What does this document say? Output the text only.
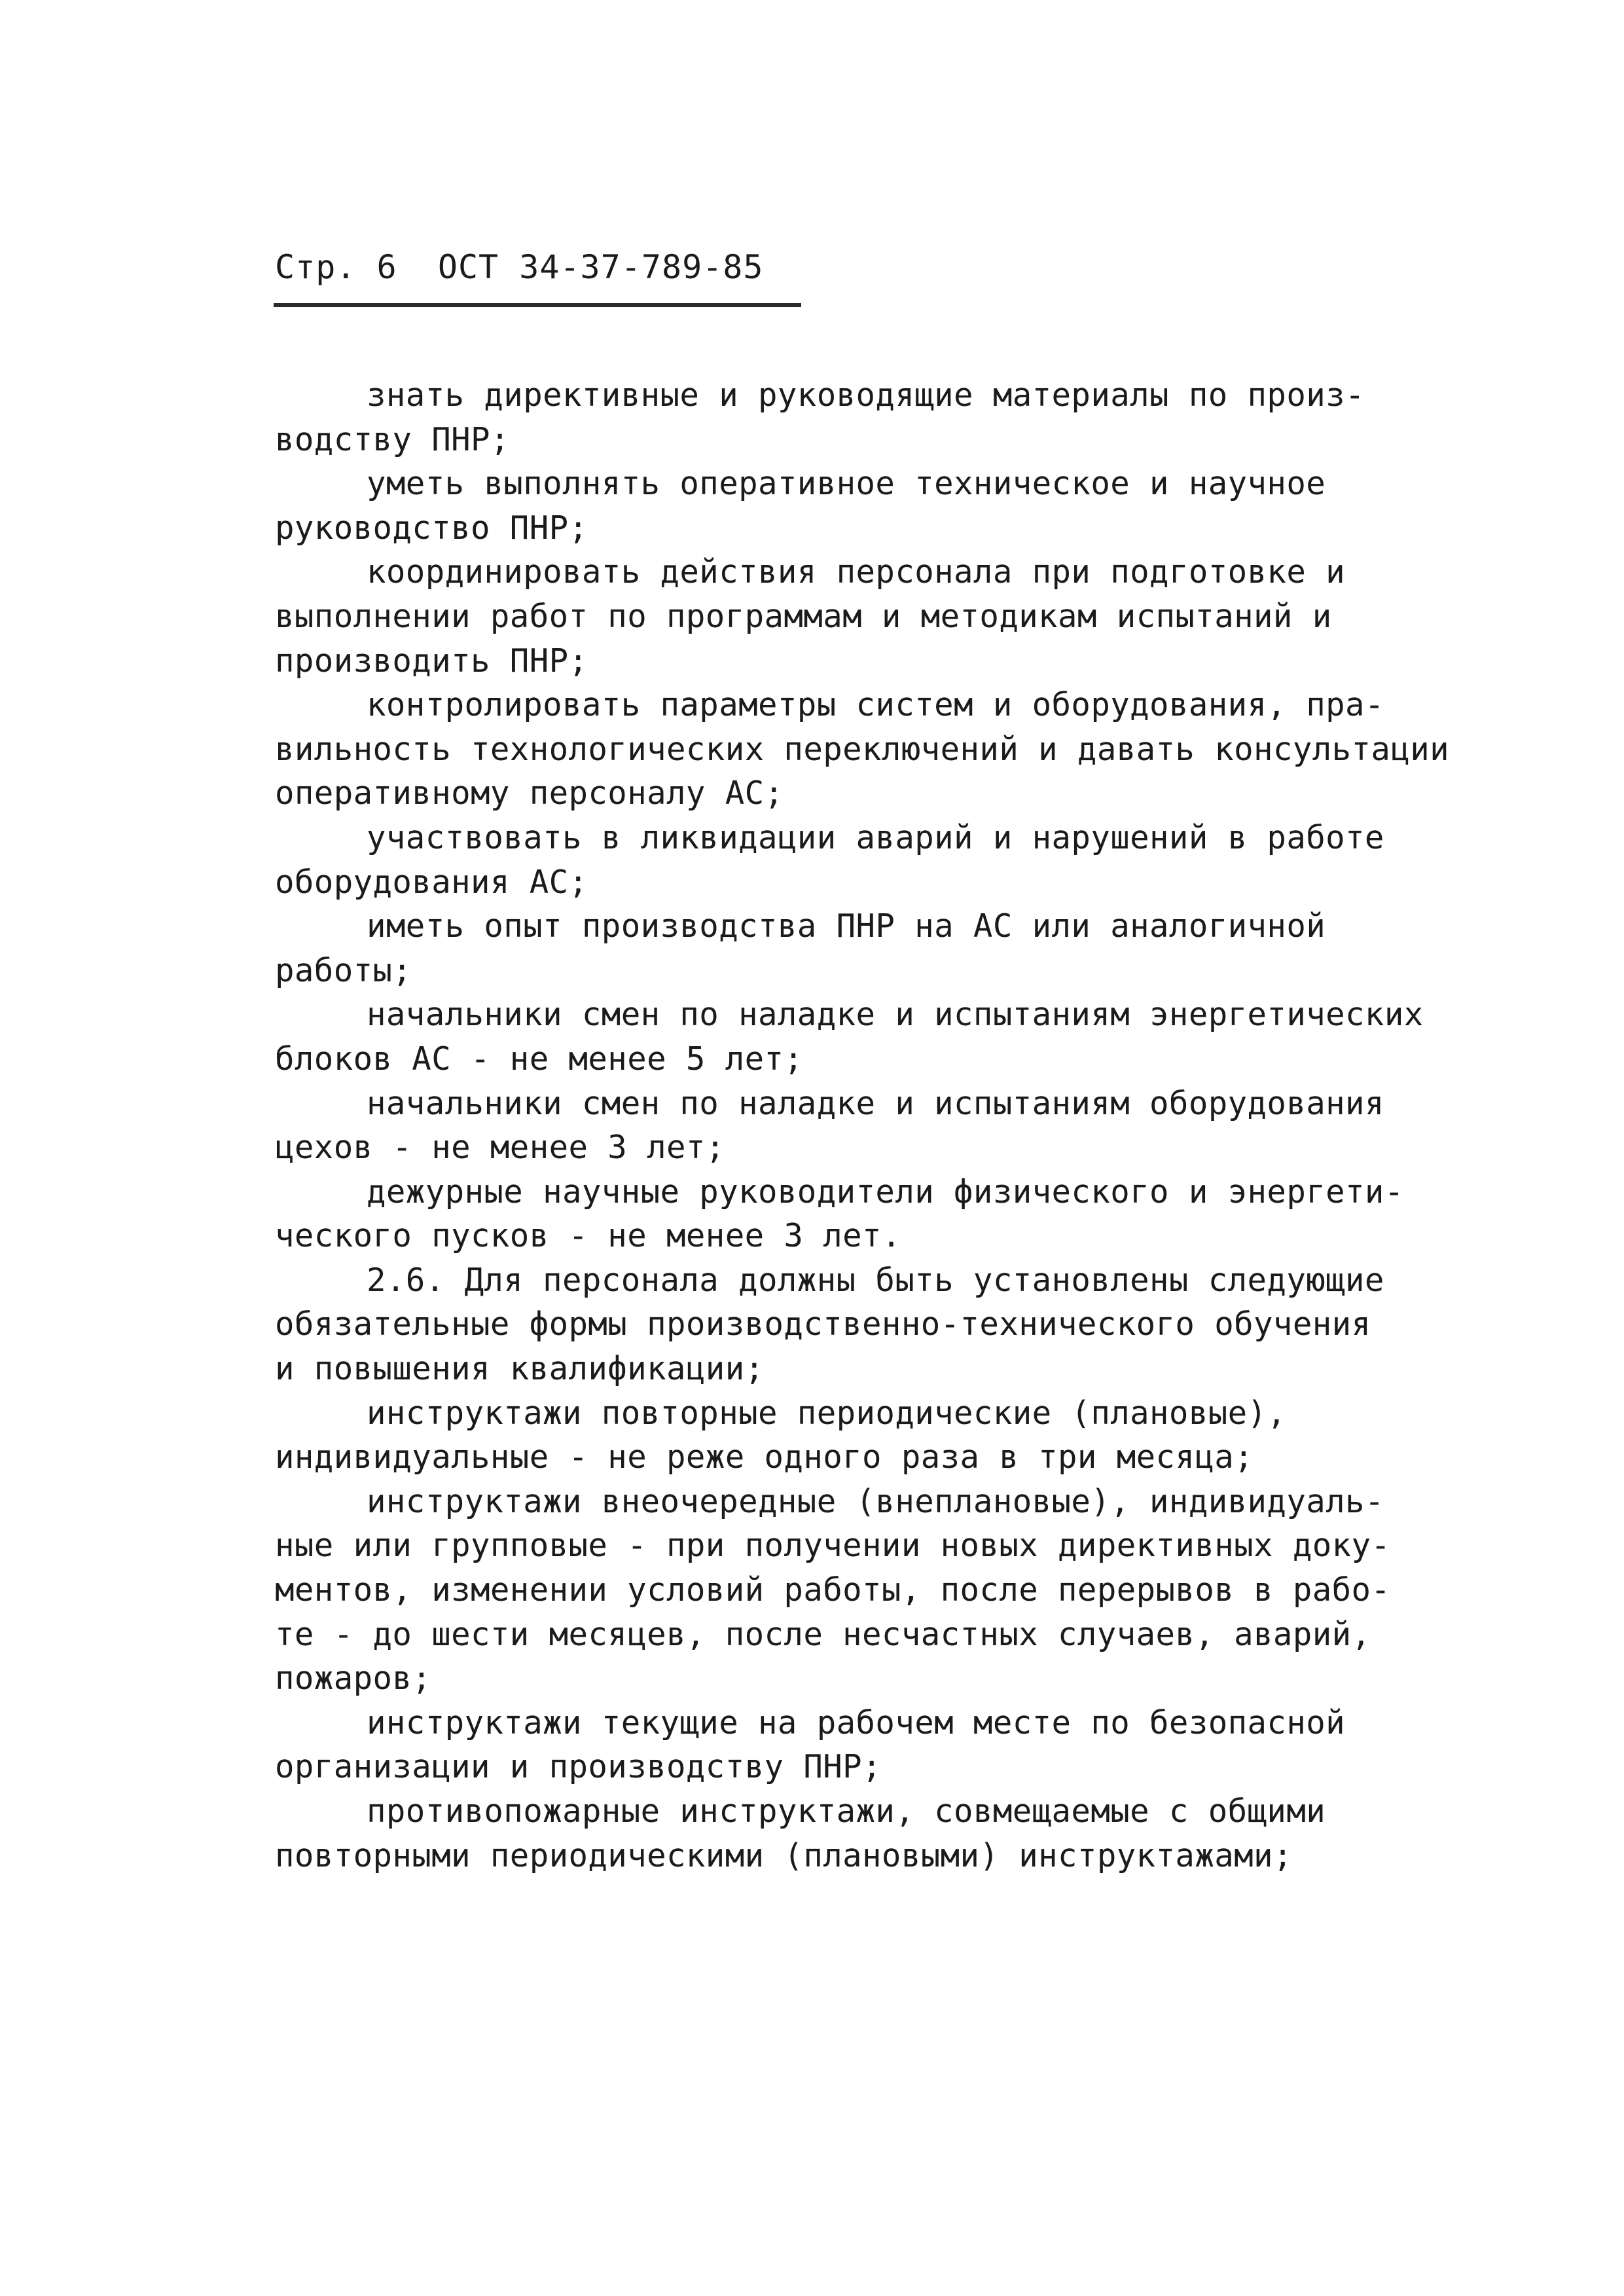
Стр. 6 ОСТ 34-37-789-85
знать директивные и руководящие материалы по произ-
водству ПНР;
уметь выполнять оперативное техническое и научное
руководство ПНР;
координировать действия персонала при подготовке и
выполнении работ по программам и методикам испытаний и
производить ПНР;
контролировать параметры систем и оборудования, пра-
вильность технологических переключений и давать консультации
оперативному персоналу АС;
участвовать в ликвидации аварий и нарушений в работе
оборудования АС;
иметь опыт производства ПНР на АС или аналогичной
работы;
начальники смен по наладке и испытаниям энергетических
блоков АС - не менее 5 лет;
начальники смен по наладке и испытаниям оборудования
цехов - не менее 3 лет;
дежурные научные руководители физического и энергети-
ческого пусков - не менее 3 лет.
2.6. Для персонала должны быть установлены следующие
обязательные формы производственно-технического обучения
и повышения квалификации;
инструктажи повторные периодические (плановые),
индивидуальные - не реже одного раза в три месяца;
инструктажи внеочередные (внеплановые), индивидуаль-
ные или групповые - при получении новых директивных доку-
ментов, изменении условий работы, после перерывов в рабо-
те - до шести месяцев, после несчастных случаев, аварий,
пожаров;
инструктажи текущие на рабочем месте по безопасной
организации и производству ПНР;
противопожарные инструктажи, совмещаемые с общими
повторными периодическими (плановыми) инструктажами;
